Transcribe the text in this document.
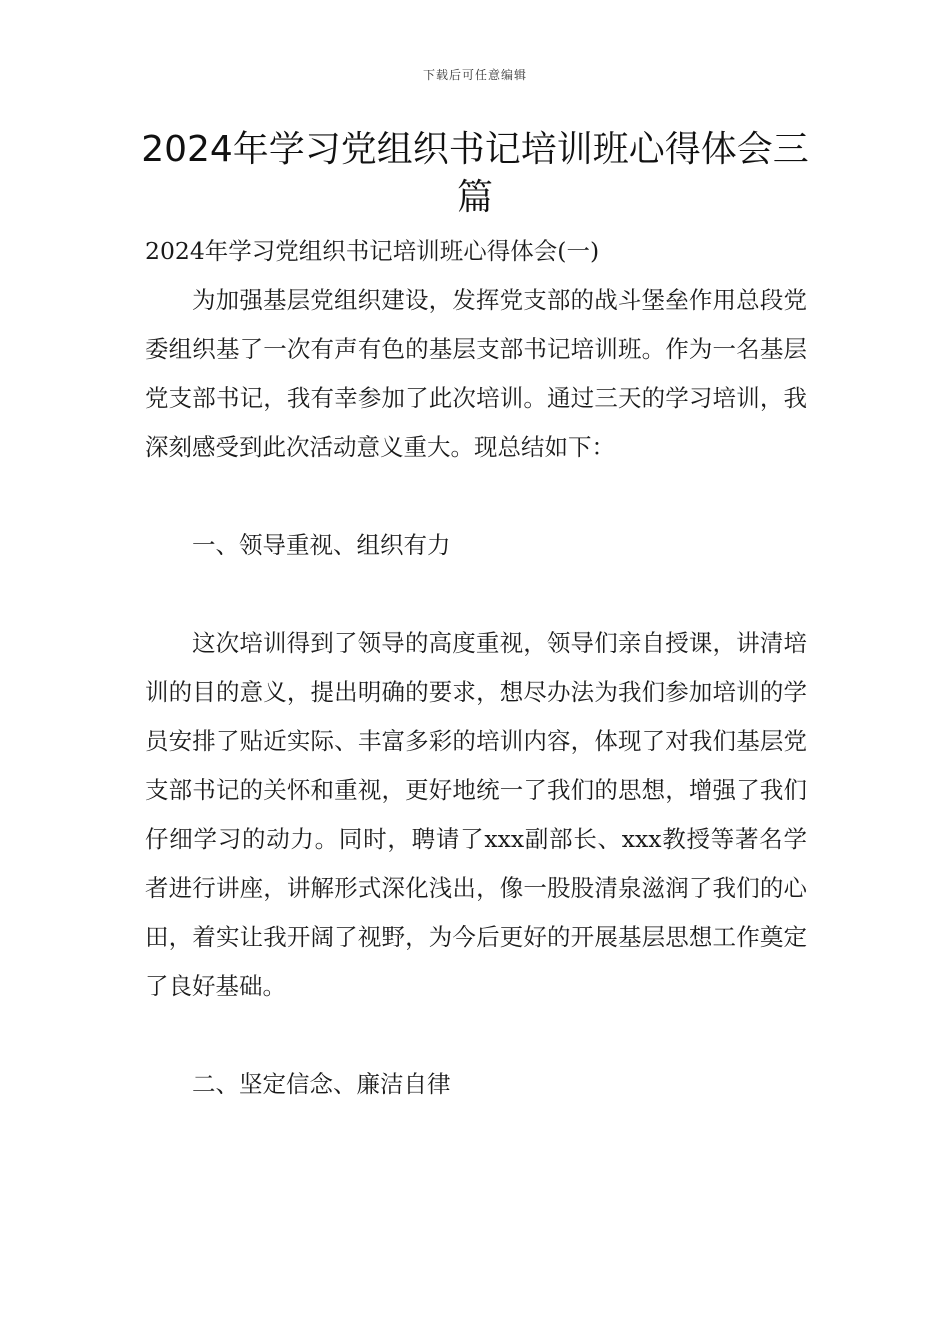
下载后可任意编辑
2024年学习党组织书记培训班心得体会三篇

2024年学习党组织书记培训班心得体会(一)

为加强基层党组织建设，发挥党支部的战斗堡垒作用总段党委组织基了一次有声有色的基层支部书记培训班。作为一名基层党支部书记，我有幸参加了此次培训。通过三天的学习培训，我深刻感受到此次活动意义重大。现总结如下：

一、领导重视、组织有力

这次培训得到了领导的高度重视，领导们亲自授课，讲清培训的目的意义，提出明确的要求，想尽办法为我们参加培训的学员安排了贴近实际、丰富多彩的培训内容，体现了对我们基层党支部书记的关怀和重视，更好地统一了我们的思想，增强了我们仔细学习的动力。同时，聘请了xxx副部长、xxx教授等著名学者进行讲座，讲解形式深化浅出，像一股股清泉滋润了我们的心田，着实让我开阔了视野，为今后更好的开展基层思想工作奠定了良好基础。

二、坚定信念、廉洁自律
